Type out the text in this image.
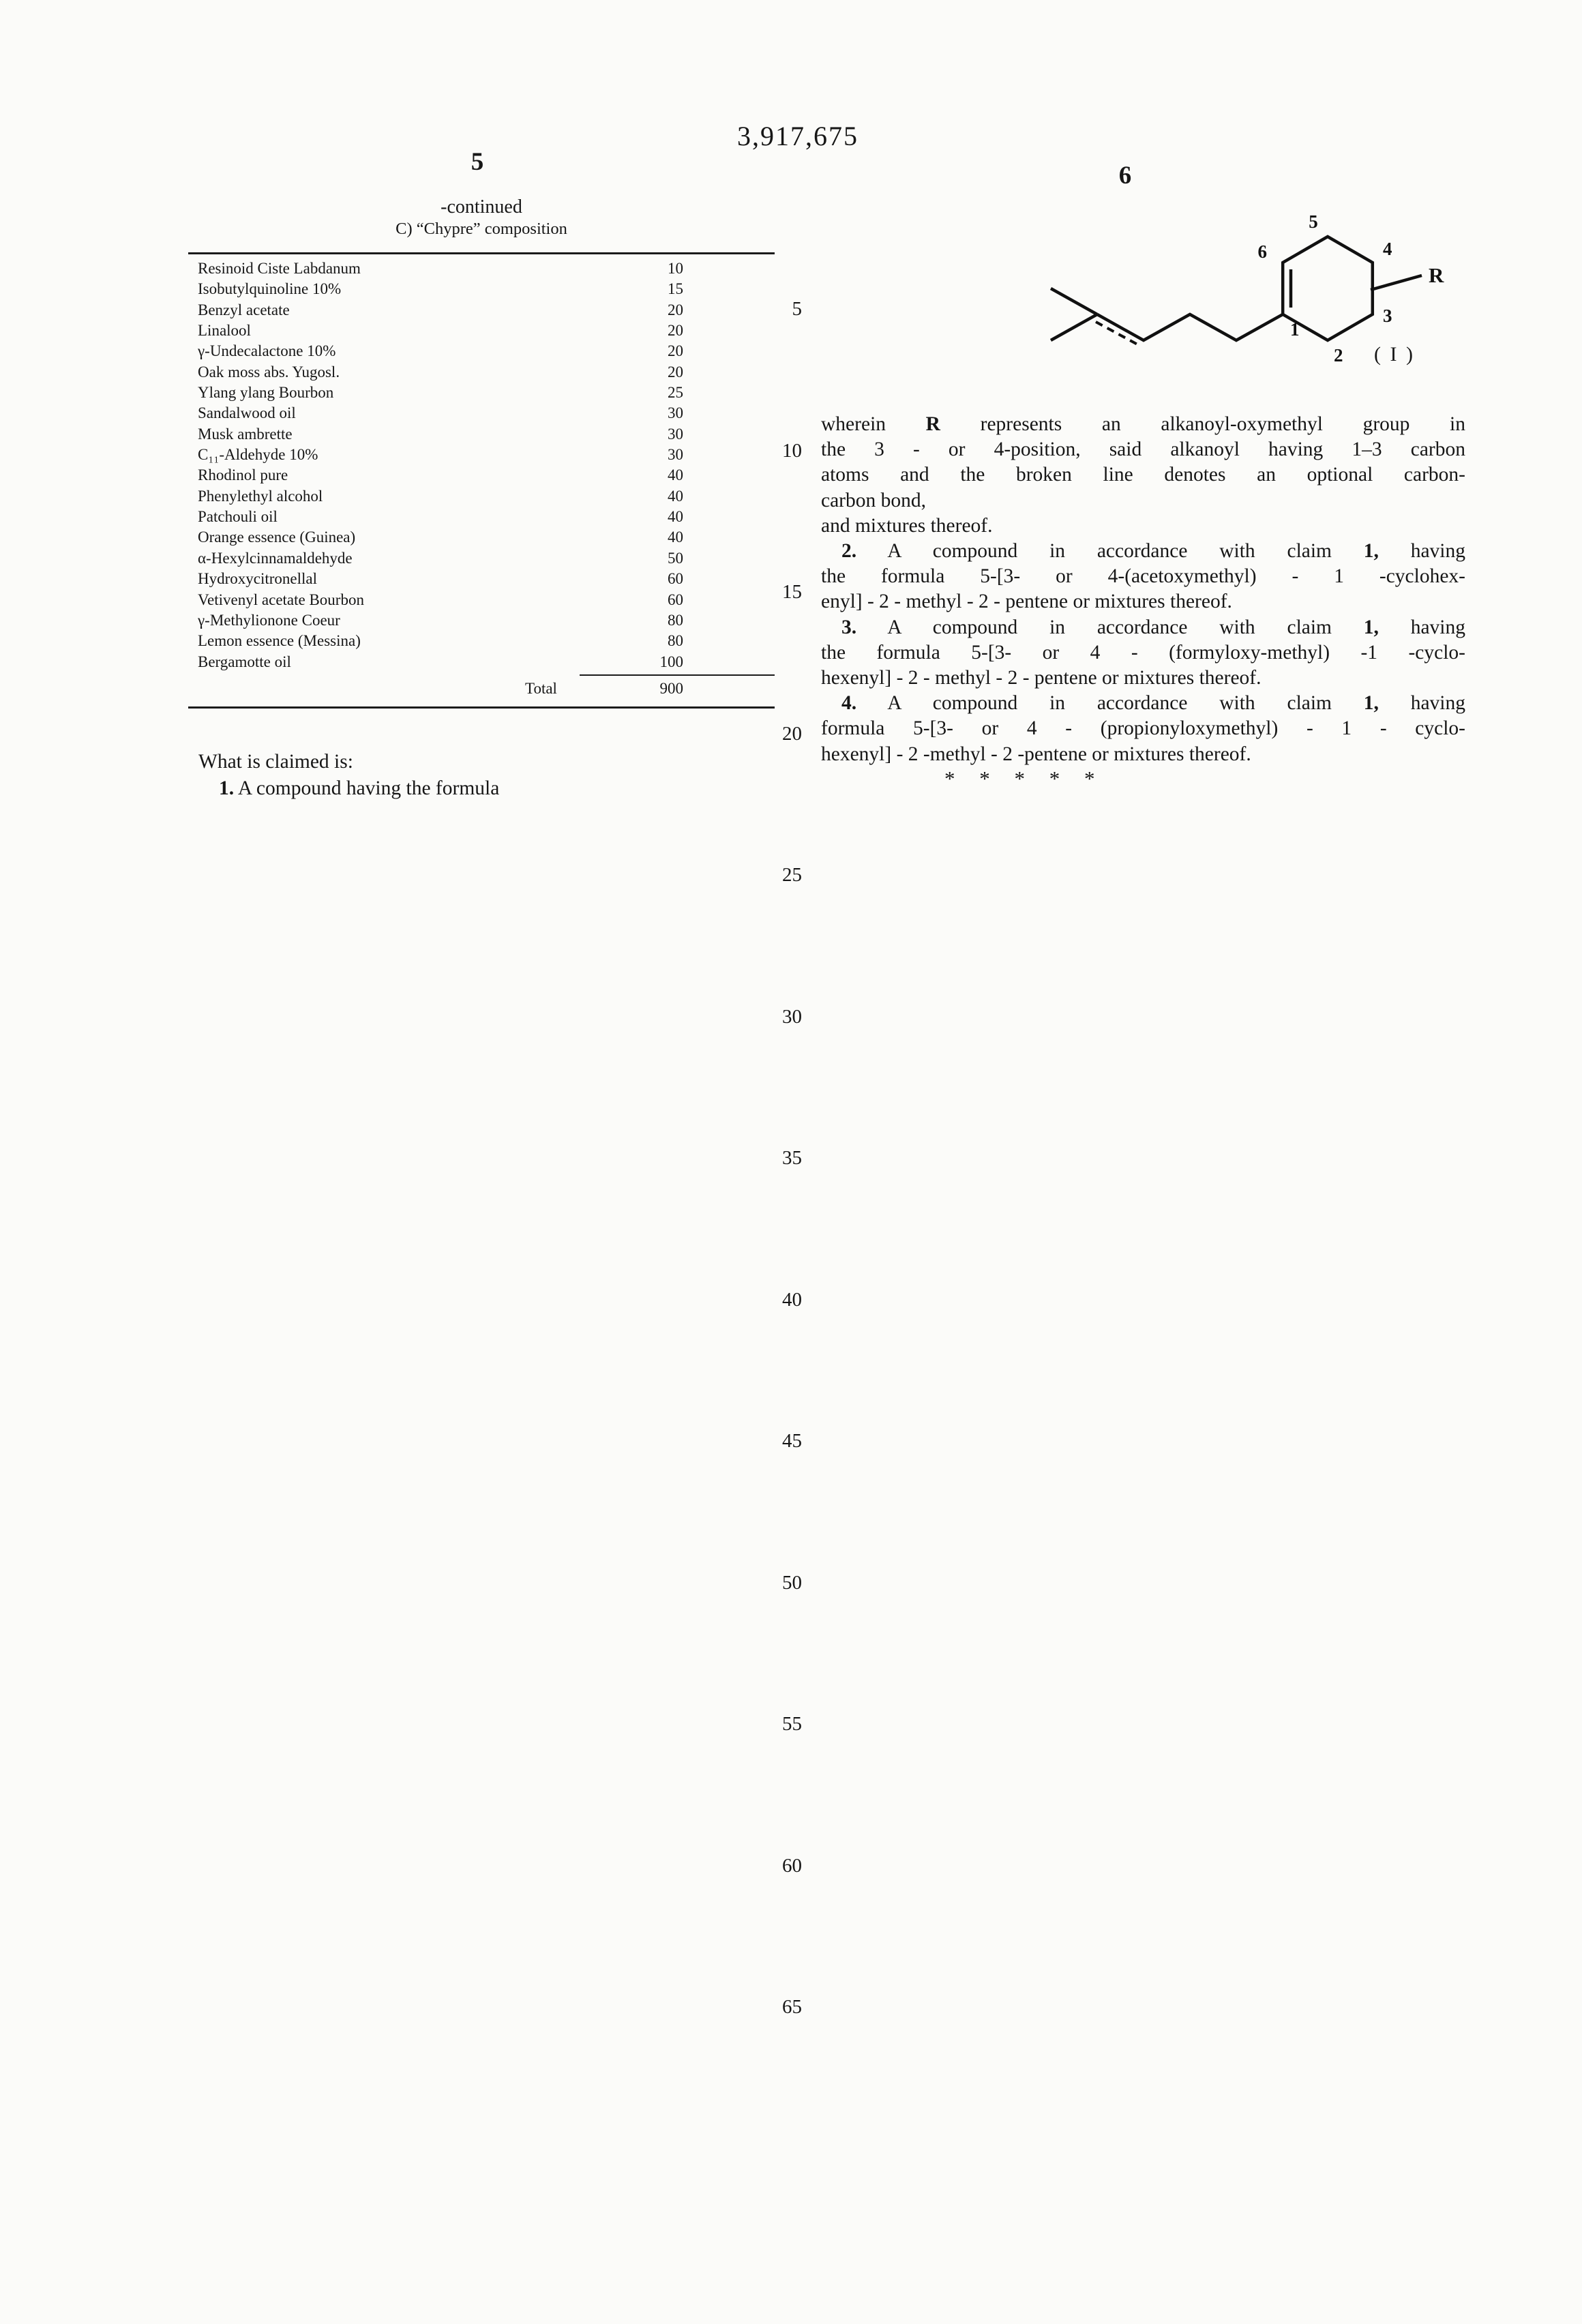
3,917,675
5	6
-continued
C) “Chypre” composition
Resinoid Ciste Labdanum	10
Isobutylquinoline 10%	15
Benzyl acetate	20
Linalool	20
γ-Undecalactone 10%	20
Oak moss abs. Yugosl.	20
Ylang ylang Bourbon	25
Sandalwood oil	30
Musk ambrette	30
C₁₁-Aldehyde 10%	30
Rhodinol pure	40
Phenylethyl alcohol	40
Patchouli oil	40
Orange essence (Guinea)	40
α-Hexylcinnamaldehyde	50
Hydroxycitronellal	60
Vetivenyl acetate Bourbon	60
γ-Methylionone Coeur	80
Lemon essence (Messina)	80
Bergamotte oil	100
Total	900
What is claimed is:
1. A compound having the formula
5
6	4
3
2
1
R
( I )
wherein R represents an alkanoyl-oxymethyl group in
the 3 - or 4-position, said alkanoyl having 1–3 carbon
atoms and the broken line denotes an optional carbon-
carbon bond,
and mixtures thereof.
2. A compound in accordance with claim 1, having
the formula 5-[3- or 4-(acetoxymethyl) - 1 -cyclohex-
enyl] - 2 - methyl - 2 - pentene or mixtures thereof.
3. A compound in accordance with claim 1, having
the formula 5-[3- or 4 - (formyloxy-methyl) -1 -cyclo-
hexenyl] - 2 - methyl - 2 - pentene or mixtures thereof.
4. A compound in accordance with claim 1, having
formula 5-[3- or 4 - (propionyloxymethyl) - 1 - cyclo-
hexenyl] - 2 -methyl - 2 -pentene or mixtures thereof.
* * * * *
5
10
15
20
25
30
35
40
45
50
55
60
65
